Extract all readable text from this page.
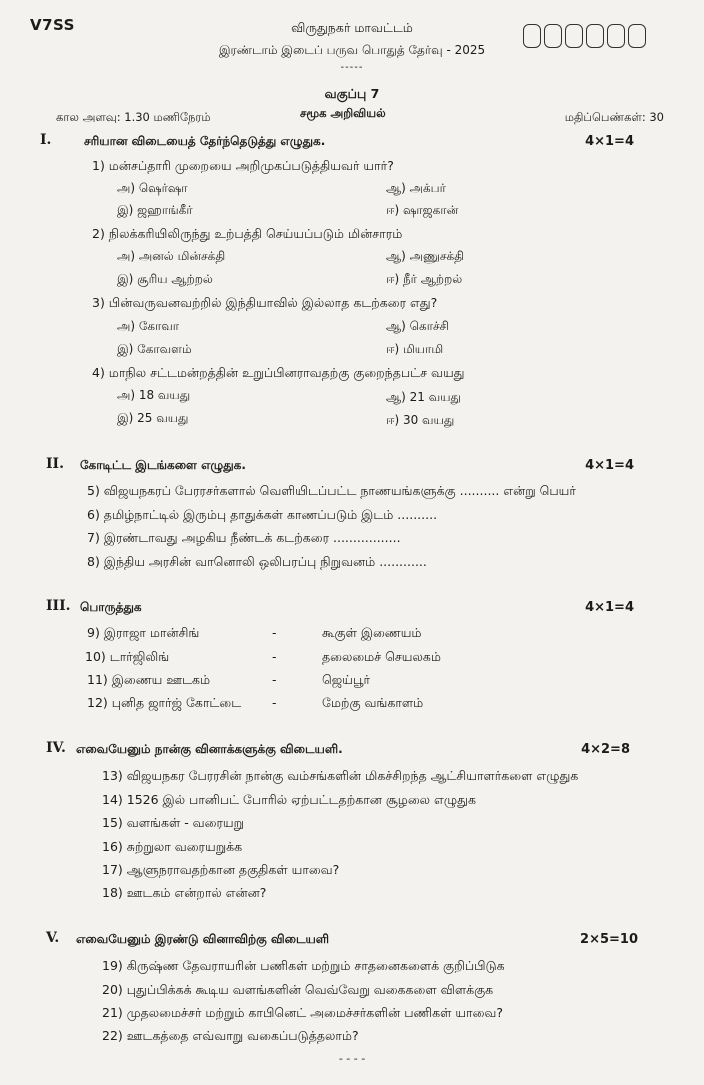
V7SS	விருதுநகர் மாவட்டம்
இரண்டாம் இடைப் பருவ பொதுத் தேர்வு - 2025
-----
வகுப்பு 7
கால அளவு: 1.30 மணிநேரம்	சமூக அறிவியல்	மதிப்பெண்கள்: 30
I.	சரியான விடையைத் தேர்ந்தெடுத்து எழுதுக.	4×1=4
1) மன்சப்தாரி முறையை அறிமுகப்படுத்தியவர் யார்?
அ) ஷெர்ஷா	ஆ) அக்பர்
இ) ஜஹாங்கீர்	ஈ) ஷாஜகான்
2) நிலக்கரியிலிருந்து உற்பத்தி செய்யப்படும் மின்சாரம்
அ) அனல் மின்சக்தி	ஆ) அணுசக்தி
இ) சூரிய ஆற்றல்	ஈ) நீர் ஆற்றல்
3) பின்வருவனவற்றில் இந்தியாவில் இல்லாத கடற்கரை எது?
அ) கோவா	ஆ) கொச்சி
இ) கோவளம்	ஈ) மியாமி
4) மாநில சட்டமன்றத்தின் உறுப்பினராவதற்கு குறைந்தபட்ச வயது
அ) 18 வயது	ஆ) 21 வயது
இ) 25 வயது	ஈ) 30 வயது
II. கோடிட்ட இடங்களை எழுதுக.	4×1=4
5) விஜயநகரப் பேரரசர்களால் வெளியிடப்பட்ட நாணயங்களுக்கு .......... என்று பெயர்
6) தமிழ்நாட்டில் இரும்பு தாதுக்கள் காணப்படும் இடம் ..........
7) இரண்டாவது அழகிய நீண்டக் கடற்கரை .................
8) இந்திய அரசின் வானொலி ஒலிபரப்பு நிறுவனம் ............
III. பொருத்துக	4×1=4
9) இராஜா மான்சிங்	-	கூகுள் இணையம்
10) டார்ஜிலிங்	-	தலைமைச் செயலகம்
11) இணைய ஊடகம்	-	ஜெய்பூர்
12) புனித ஜார்ஜ் கோட்டை -	மேற்கு வங்காளம்
IV. எவையேனும் நான்கு வினாக்களுக்கு விடையளி.	4×2=8
13) விஜயநகர பேரரசின் நான்கு வம்சங்களின் மிகச்சிறந்த ஆட்சியாளர்களை எழுதுக
14) 1526 இல் பானிபட் போரில் ஏற்பட்டதற்கான சூழலை எழுதுக
15) வளங்கள் - வரையறு
16) சுற்றுலா வரையறுக்க
17) ஆளுநராவதற்கான தகுதிகள் யாவை?
18) ஊடகம் என்றால் என்ன?
V. எவையேனும் இரண்டு வினாவிற்கு விடையளி	2×5=10
19) கிருஷ்ண தேவராயரின் பணிகள் மற்றும் சாதனைகளைக் குறிப்பிடுக
20) புதுப்பிக்கக் கூடிய வளங்களின் வெவ்வேறு வகைகளை விளக்குக
21) முதலமைச்சர் மற்றும் காபினெட் அமைச்சர்களின் பணிகள் யாவை?
22) ஊடகத்தை எவ்வாறு வகைப்படுத்தலாம்?
- - - -
